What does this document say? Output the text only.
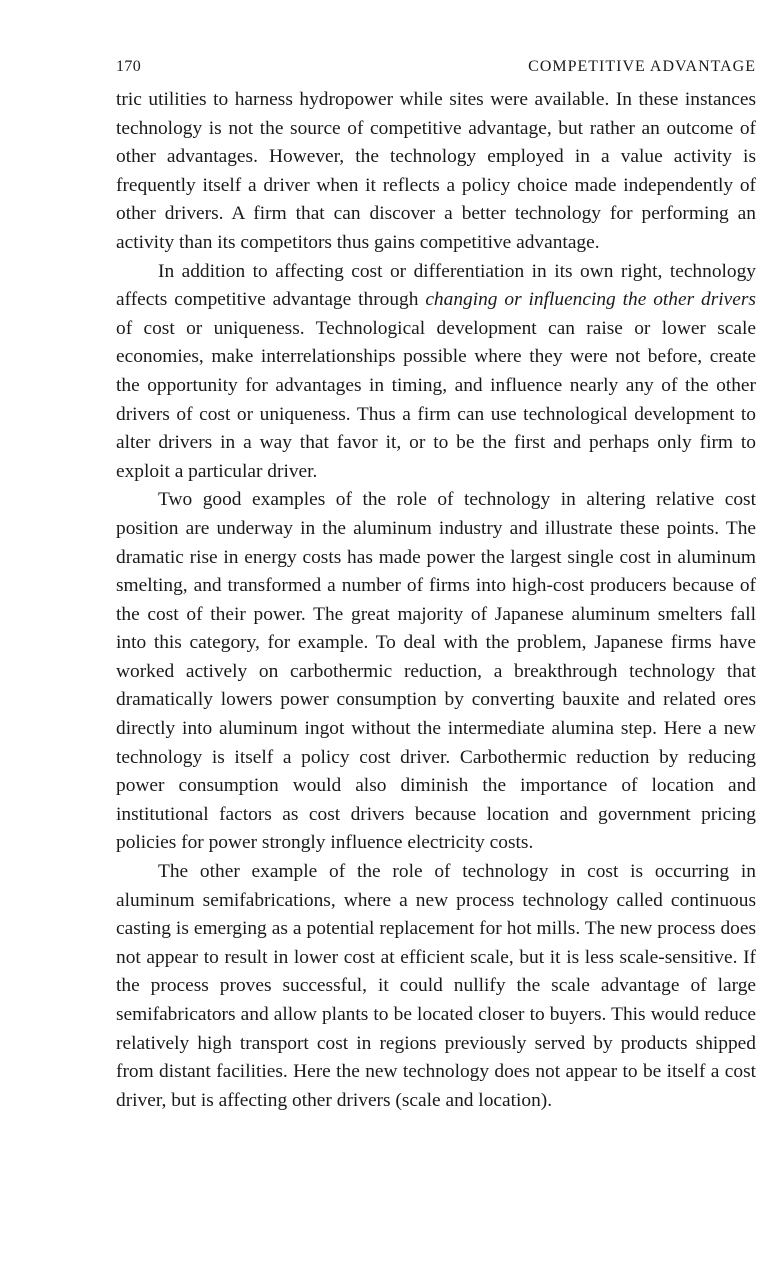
170	COMPETITIVE ADVANTAGE

tric utilities to harness hydropower while sites were available. In these instances technology is not the source of competitive advantage, but rather an outcome of other advantages. However, the technology employed in a value activity is frequently itself a driver when it reflects a policy choice made independently of other drivers. A firm that can discover a better technology for performing an activity than its competitors thus gains competitive advantage.

In addition to affecting cost or differentiation in its own right, technology affects competitive advantage through changing or influencing the other drivers of cost or uniqueness. Technological development can raise or lower scale economies, make interrelationships possible where they were not before, create the opportunity for advantages in timing, and influence nearly any of the other drivers of cost or uniqueness. Thus a firm can use technological development to alter drivers in a way that favor it, or to be the first and perhaps only firm to exploit a particular driver.

Two good examples of the role of technology in altering relative cost position are underway in the aluminum industry and illustrate these points. The dramatic rise in energy costs has made power the largest single cost in aluminum smelting, and transformed a number of firms into high-cost producers because of the cost of their power. The great majority of Japanese aluminum smelters fall into this category, for example. To deal with the problem, Japanese firms have worked actively on carbothermic reduction, a breakthrough technology that dramatically lowers power consumption by converting bauxite and related ores directly into aluminum ingot without the intermediate alumina step. Here a new technology is itself a policy cost driver. Carbothermic reduction by reducing power consumption would also diminish the importance of location and institutional factors as cost drivers because location and government pricing policies for power strongly influence electricity costs.

The other example of the role of technology in cost is occurring in aluminum semifabrications, where a new process technology called continuous casting is emerging as a potential replacement for hot mills. The new process does not appear to result in lower cost at efficient scale, but it is less scale-sensitive. If the process proves successful, it could nullify the scale advantage of large semifabricators and allow plants to be located closer to buyers. This would reduce relatively high transport cost in regions previously served by products shipped from distant facilities. Here the new technology does not appear to be itself a cost driver, but is affecting other drivers (scale and location).
